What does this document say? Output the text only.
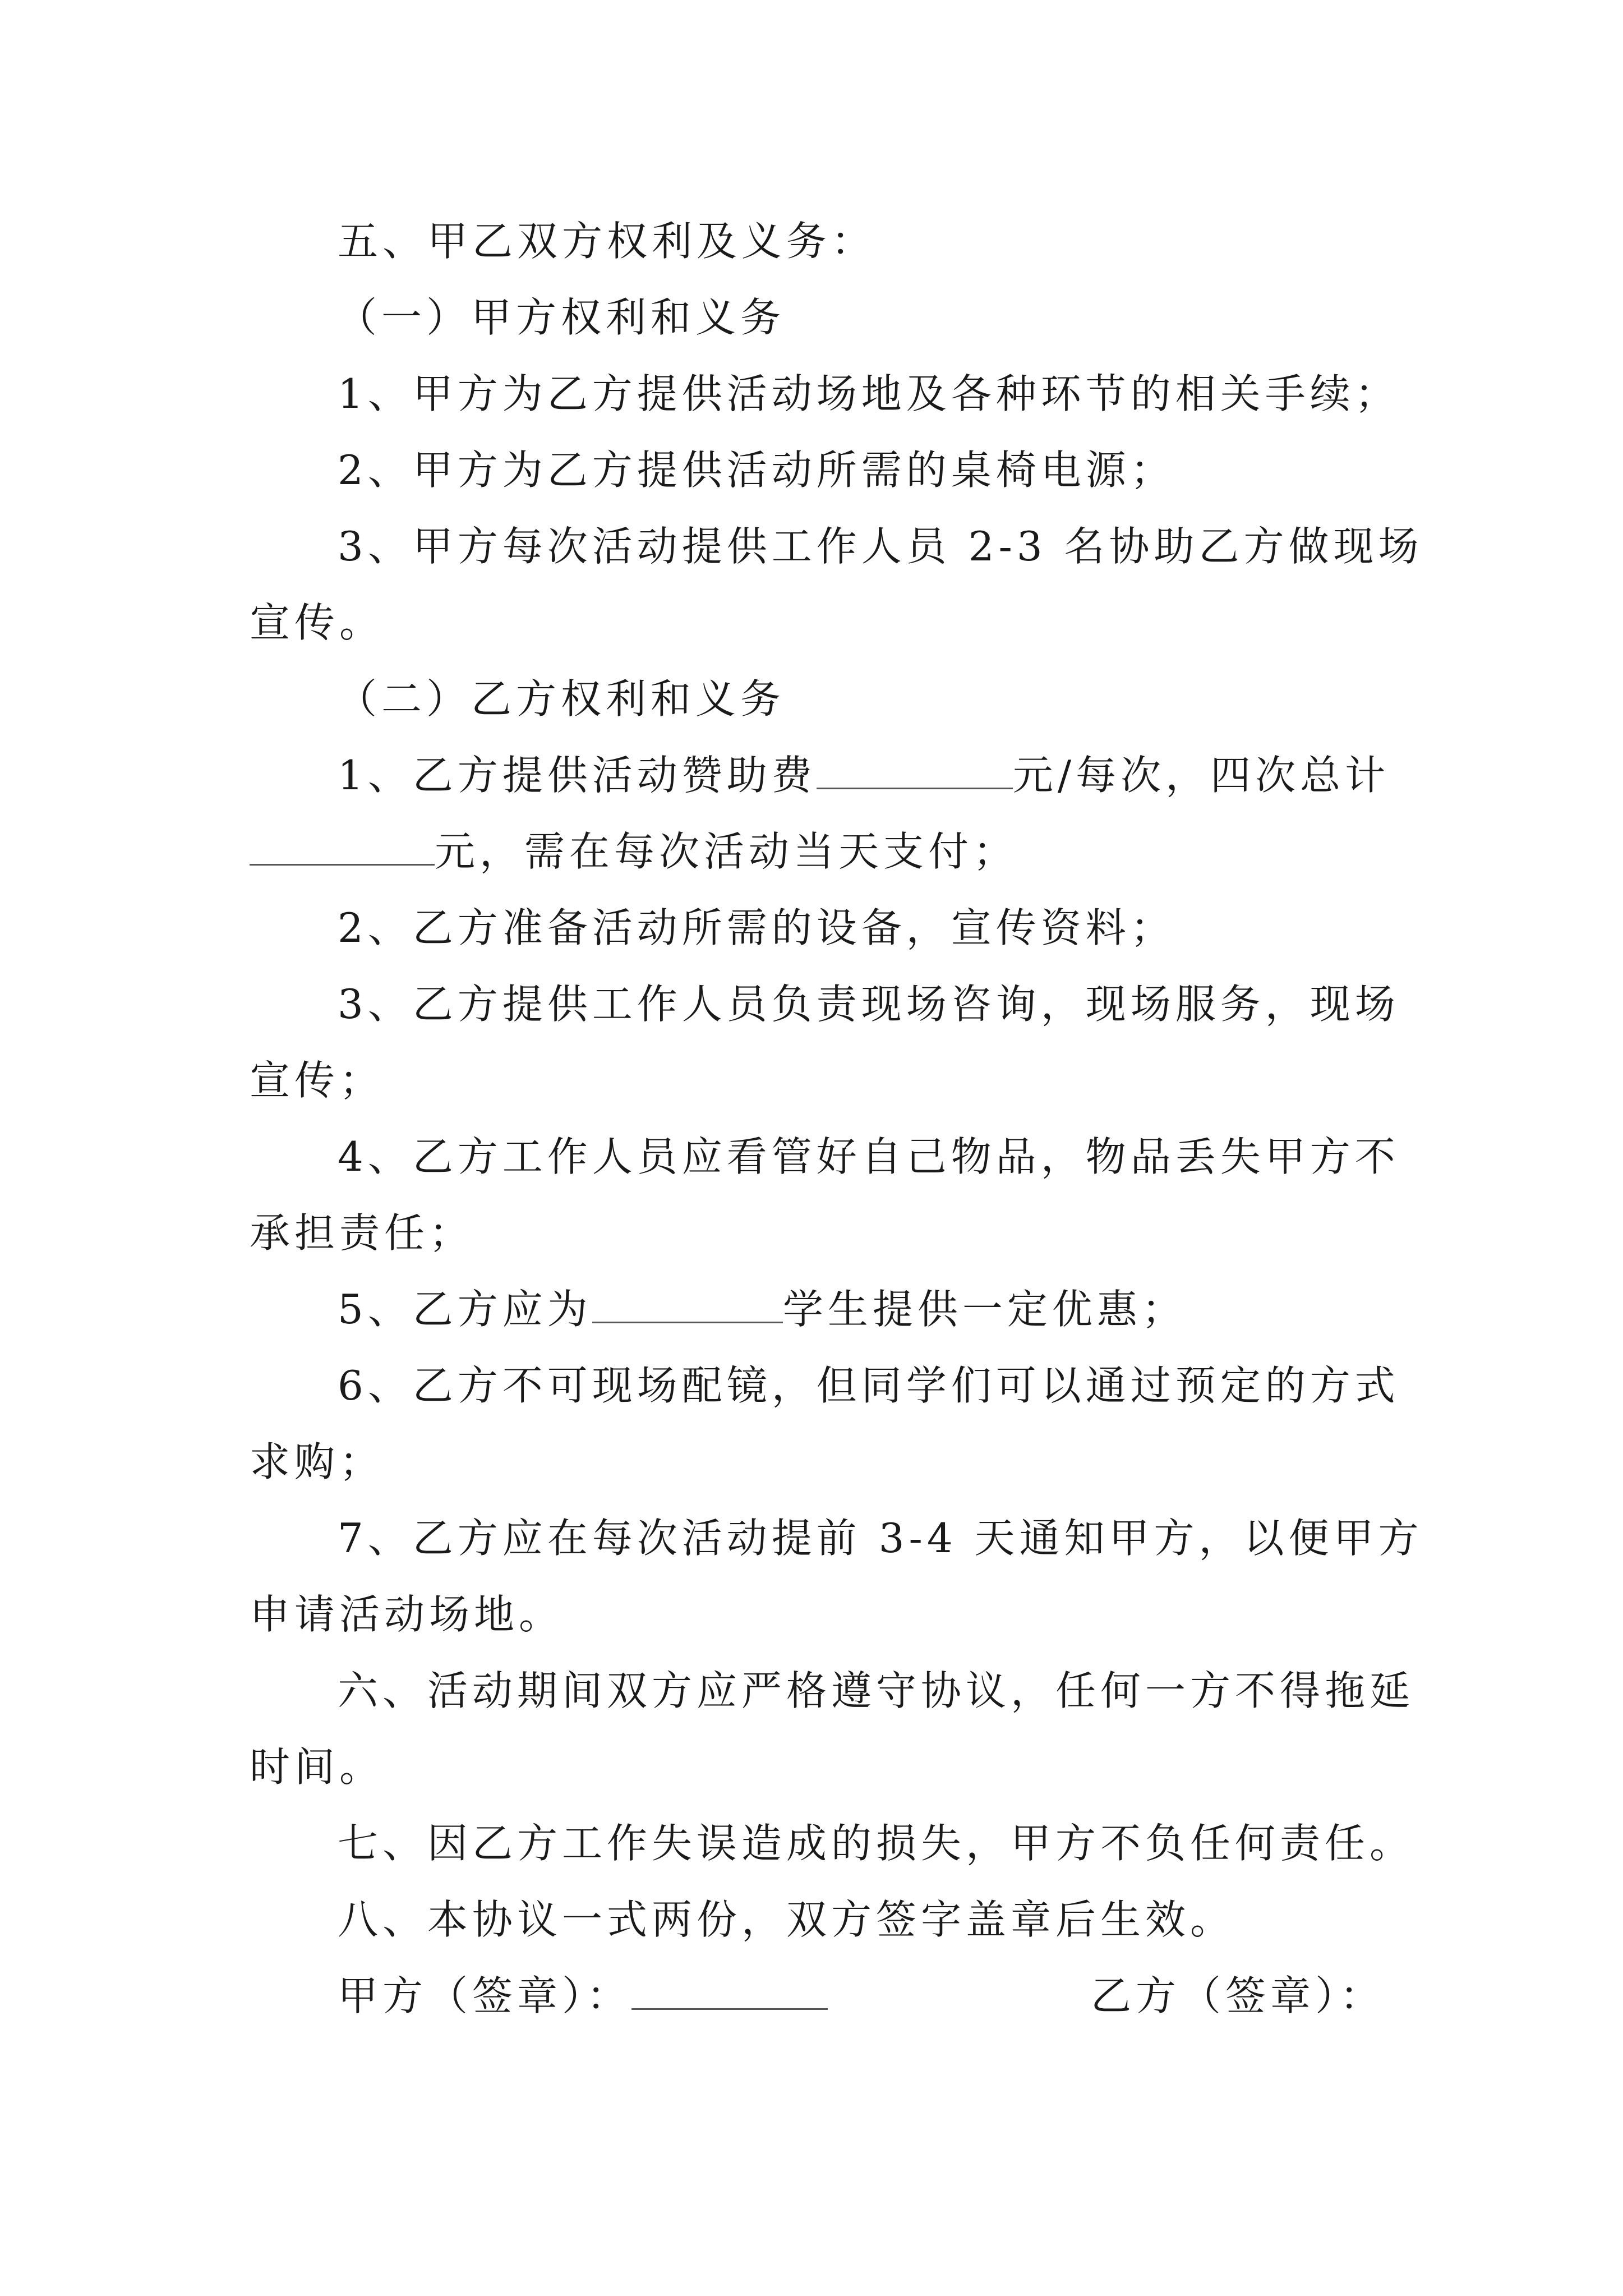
五、甲乙双方权利及义务：
（一）甲方权利和义务
1、甲方为乙方提供活动场地及各种环节的相关手续；
2、甲方为乙方提供活动所需的桌椅电源；
3、甲方每次活动提供工作人员 2-3 名协助乙方做现场
宣传。
（二）乙方权利和义务
1、乙方提供活动赞助费	元/每次，四次总计
元，需在每次活动当天支付；
2、乙方准备活动所需的设备，宣传资料；
3、乙方提供工作人员负责现场咨询，现场服务，现场
宣传；
4、乙方工作人员应看管好自己物品，物品丢失甲方不
承担责任；
5、乙方应为	学生提供一定优惠；
6、乙方不可现场配镜，但同学们可以通过预定的方式
求购；
7、乙方应在每次活动提前 3-4 天通知甲方，以便甲方
申请活动场地。
六、活动期间双方应严格遵守协议，任何一方不得拖延
时间。
七、因乙方工作失误造成的损失，甲方不负任何责任。
八、本协议一式两份，双方签字盖章后生效。
甲方（签章）：	乙方（签章）：
